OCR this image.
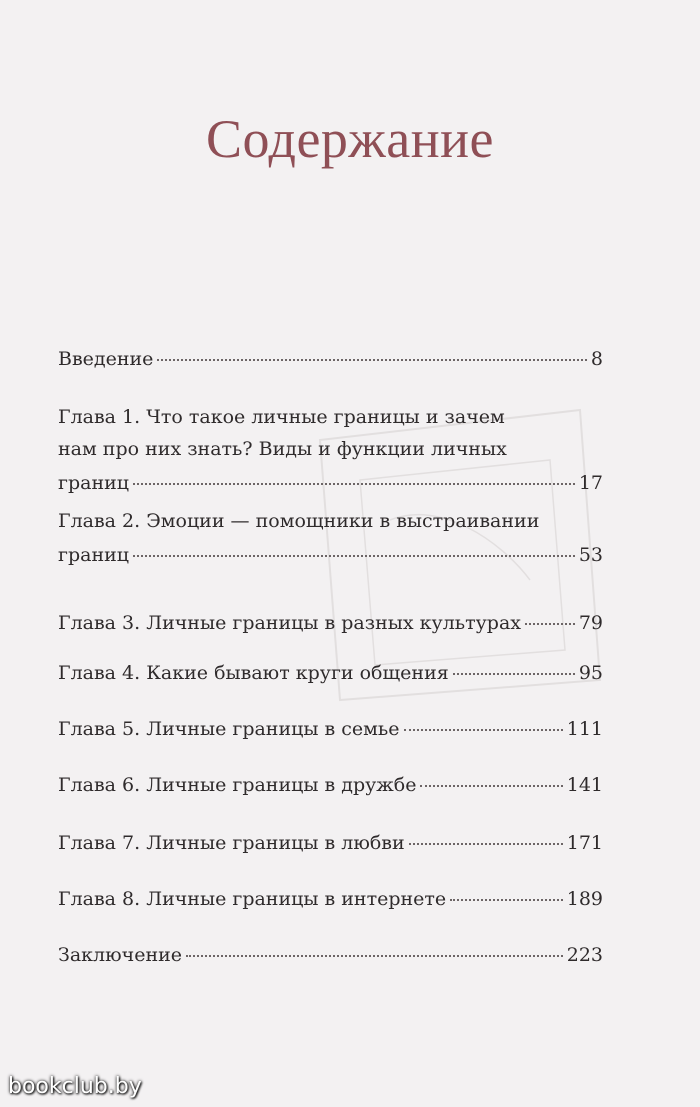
Содержание
Введение	8
Глава 1. Что такое личные границы и зачем
нам про них знать? Виды и функции личных
границ	17
Глава 2. Эмоции — помощники в выстраивании
границ	53
Глава 3. Личные границы в разных культурах	79
Глава 4. Какие бывают круги общения	95
Глава 5. Личные границы в семье	111
Глава 6. Личные границы в дружбе	141
Глава 7. Личные границы в любви	171
Глава 8. Личные границы в интернете	189
Заключение	223
bookclub.by
